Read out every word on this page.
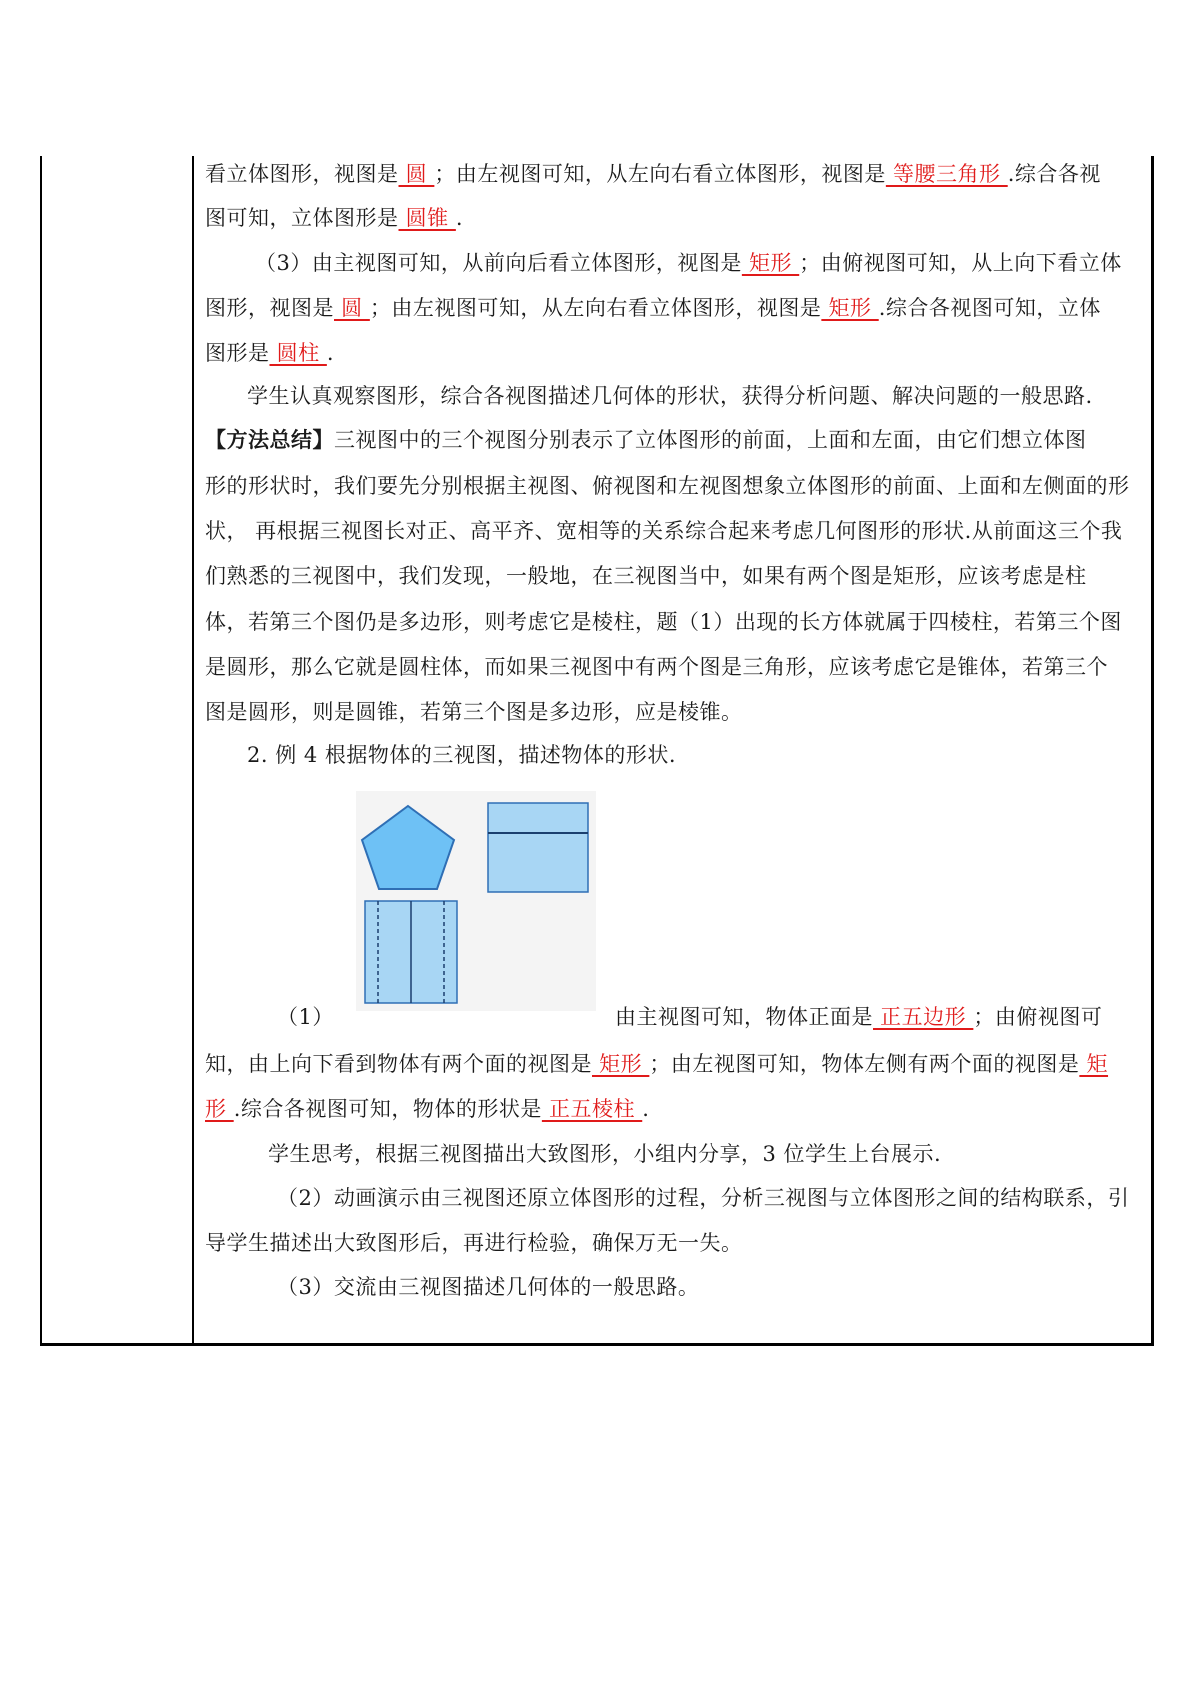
看立体图形，视图是 圆 ；由左视图可知，从左向右看立体图形，视图是 等腰三角形 .综合各视
图可知，立体图形是 圆锥 .
（3）由主视图可知，从前向后看立体图形，视图是 矩形 ；由俯视图可知，从上向下看立体
图形，视图是 圆 ；由左视图可知，从左向右看立体图形，视图是 矩形 .综合各视图可知，立体
图形是 圆柱 .
学生认真观察图形，综合各视图描述几何体的形状，获得分析问题、解决问题的一般思路.
【方法总结】三视图中的三个视图分别表示了立体图形的前面，上面和左面，由它们想立体图
形的形状时，我们要先分别根据主视图、俯视图和左视图想象立体图形的前面、上面和左侧面的形
状， 再根据三视图长对正、高平齐、宽相等的关系综合起来考虑几何图形的形状.从前面这三个我
们熟悉的三视图中，我们发现，一般地，在三视图当中，如果有两个图是矩形，应该考虑是柱
体，若第三个图仍是多边形，则考虑它是棱柱，题（1）出现的长方体就属于四棱柱，若第三个图
是圆形，那么它就是圆柱体，而如果三视图中有两个图是三角形，应该考虑它是锥体，若第三个
图是圆形，则是圆锥，若第三个图是多边形，应是棱锥。
2. 例 4 根据物体的三视图，描述物体的形状.
（1）	由主视图可知，物体正面是 正五边形 ；由俯视图可
知，由上向下看到物体有两个面的视图是 矩形 ；由左视图可知，物体左侧有两个面的视图是 矩
形 .综合各视图可知，物体的形状是 正五棱柱 .
学生思考，根据三视图描出大致图形，小组内分享，3 位学生上台展示.
（2）动画演示由三视图还原立体图形的过程，分析三视图与立体图形之间的结构联系，引
导学生描述出大致图形后，再进行检验，确保万无一失。
（3）交流由三视图描述几何体的一般思路。
